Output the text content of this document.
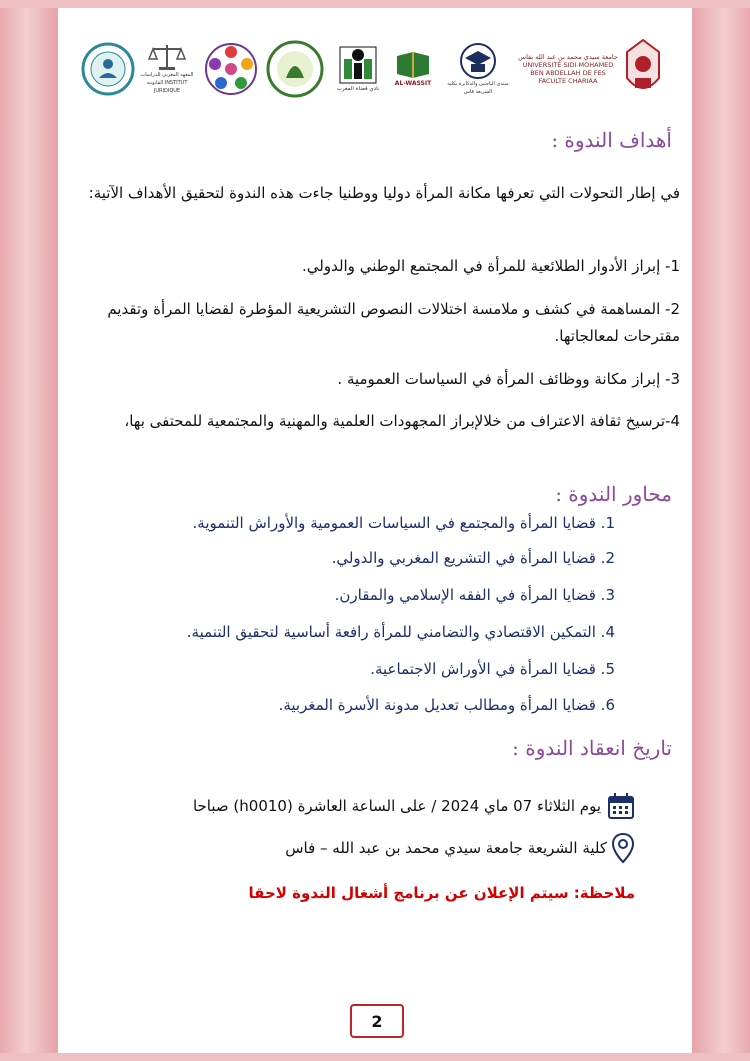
جامعة سيدي محمد بن عبد الله بفاس UNIVERSITÉ SIDI MOHAMED BEN ABDELLAH DE FES FACULTE CHARIAA
منتدى الباحثين والدكاترة بكلية الشريعة فاس
AL-WASSIT
نادي قضاة المغرب
المعهد المغربي للدراسات القانونية INSTITUT JURIDIQUE
أهداف الندوة :
في إطار التحولات التي تعرفها مكانة المرأة دوليا ووطنيا جاءت هذه الندوة لتحقيق الأهداف الآتية:
1- إبراز الأدوار الطلائعية للمرأة في المجتمع الوطني والدولي.
2- المساهمة في كشف و ملامسة اختلالات النصوص التشريعية المؤطرة لقضايا المرأة وتقديم مقترحات لمعالجاتها.
3- إبراز مكانة ووظائف المرأة في السياسات العمومية .
4-ترسيخ ثقافة الاعتراف من خلالإبراز المجهودات العلمية والمهنية والمجتمعية للمحتفى بها،
محاور الندوة :
1. قضايا المرأة والمجتمع في السياسات العمومية والأوراش التنموية.
2. قضايا المرأة في التشريع المغربي والدولي.
3. قضايا المرأة في الفقه الإسلامي والمقارن.
4. التمكين الاقتصادي والتضامني للمرأة رافعة أساسية لتحقيق التنمية.
5. قضايا المرأة في الأوراش الاجتماعية.
6. قضايا المرأة ومطالب تعديل مدونة الأسرة المغربية.
تاريخ انعقاد الندوة :
يوم الثلاثاء 07 ماي 2024 / على الساعة العاشرة (h0010) صباحا
كلية الشريعة جامعة سيدي محمد بن عبد الله – فاس
ملاحظة: سيتم الإعلان عن برنامج أشغال الندوة لاحقا
2
